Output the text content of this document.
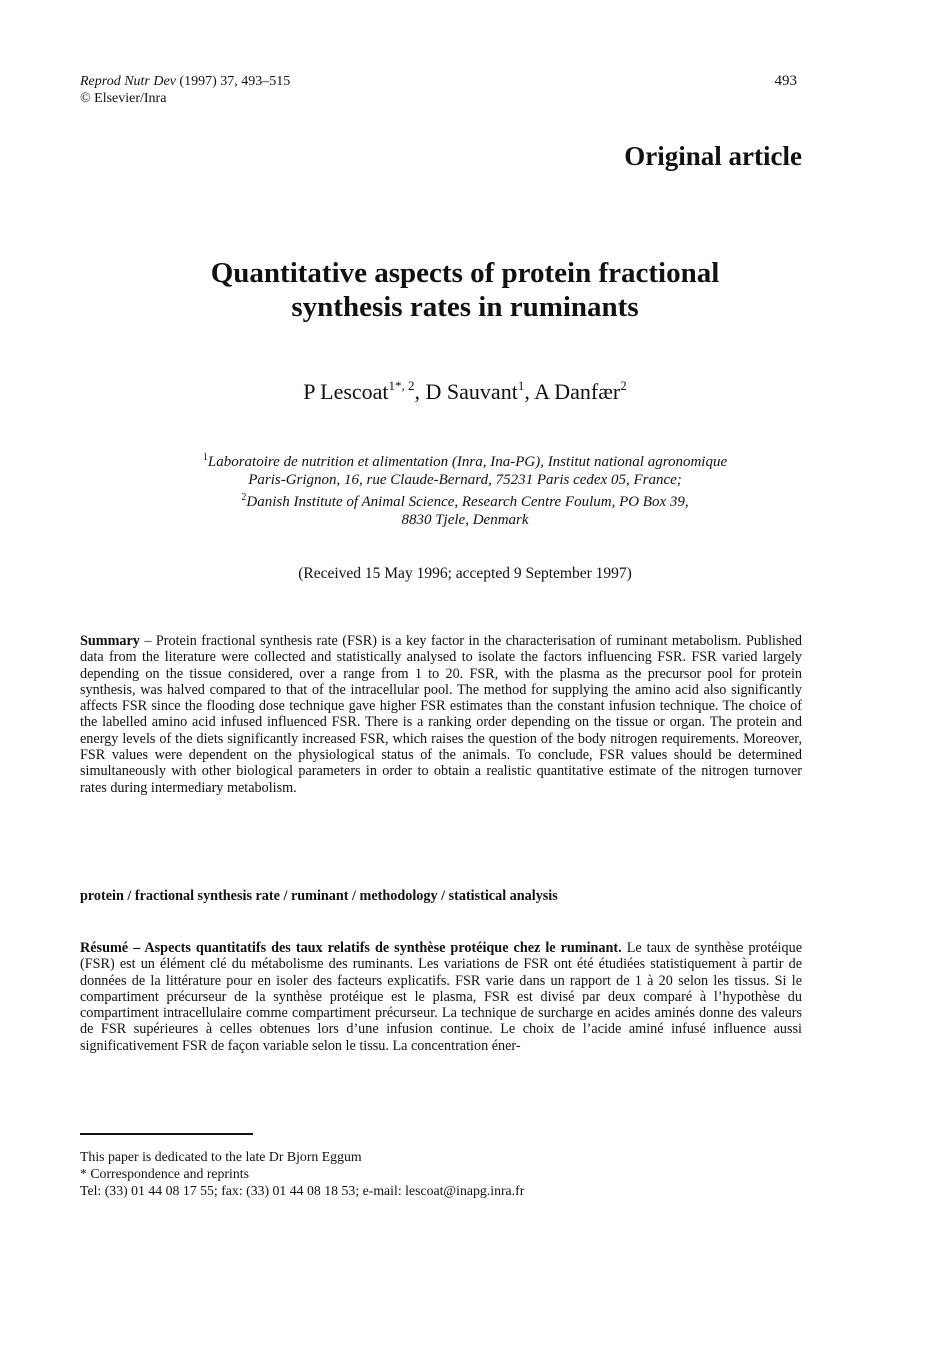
Reprod Nutr Dev (1997) 37, 493–515
© Elsevier/Inra
493
Original article
Quantitative aspects of protein fractional
synthesis rates in ruminants
P Lescoat$^{1*, 2}$, D Sauvant$^1$, A Danfær$^2$
$^1$Laboratoire de nutrition et alimentation (Inra, Ina-PG), Institut national agronomique
Paris-Grignon, 16, rue Claude-Bernard, 75231 Paris cedex 05, France;
$^2$Danish Institute of Animal Science, Research Centre Foulum, PO Box 39,
8830 Tjele, Denmark
(Received 15 May 1996; accepted 9 September 1997)
Summary – Protein fractional synthesis rate (FSR) is a key factor in the characterisation of ruminant metabolism. Published data from the literature were collected and statistically analysed to isolate the factors influencing FSR. FSR varied largely depending on the tissue considered, over a range from 1 to 20. FSR, with the plasma as the precursor pool for protein synthesis, was halved compared to that of the intracellular pool. The method for supplying the amino acid also significantly affects FSR since the flooding dose technique gave higher FSR estimates than the constant infusion technique. The choice of the labelled amino acid infused influenced FSR. There is a ranking order depending on the tissue or organ. The protein and energy levels of the diets significantly increased FSR, which raises the question of the body nitrogen requirements. Moreover, FSR values were dependent on the physiological status of the animals. To conclude, FSR values should be determined simultaneously with other biological parameters in order to obtain a realistic quantitative estimate of the nitrogen turnover rates during intermediary metabolism.
protein / fractional synthesis rate / ruminant / methodology / statistical analysis
Résumé – Aspects quantitatifs des taux relatifs de synthèse protéique chez le ruminant. Le taux de synthèse protéique (FSR) est un élément clé du métabolisme des ruminants. Les variations de FSR ont été étudiées statistiquement à partir de données de la littérature pour en isoler des facteurs explicatifs. FSR varie dans un rapport de 1 à 20 selon les tissus. Si le compartiment précurseur de la synthèse protéique est le plasma, FSR est divisé par deux comparé à l’hypothèse du compartiment intracellulaire comme compartiment précurseur. La technique de surcharge en acides aminés donne des valeurs de FSR supérieures à celles obtenues lors d’une infusion continue. Le choix de l’acide aminé infusé influence aussi significativement FSR de façon variable selon le tissu. La concentration éner-
This paper is dedicated to the late Dr Bjorn Eggum
* Correspondence and reprints
Tel: (33) 01 44 08 17 55; fax: (33) 01 44 08 18 53; e-mail: lescoat@inapg.inra.fr
